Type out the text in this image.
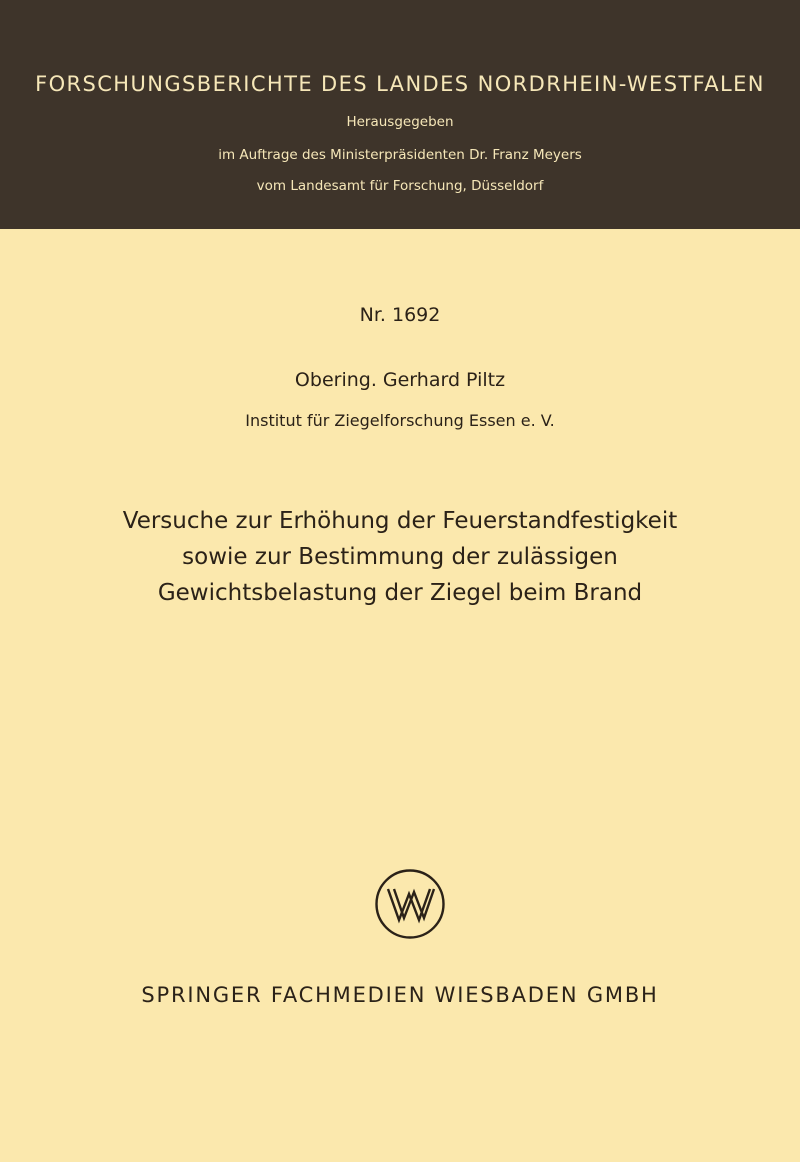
FORSCHUNGSBERICHTE DES LANDES NORDRHEIN-WESTFALEN
Herausgegeben
im Auftrage des Ministerpräsidenten Dr. Franz Meyers
vom Landesamt für Forschung, Düsseldorf
Nr. 1692
Obering. Gerhard Piltz
Institut für Ziegelforschung Essen e. V.
Versuche zur Erhöhung der Feuerstandfestigkeit
sowie zur Bestimmung der zulässigen
Gewichtsbelastung der Ziegel beim Brand
SPRINGER FACHMEDIEN WIESBADEN GMBH
